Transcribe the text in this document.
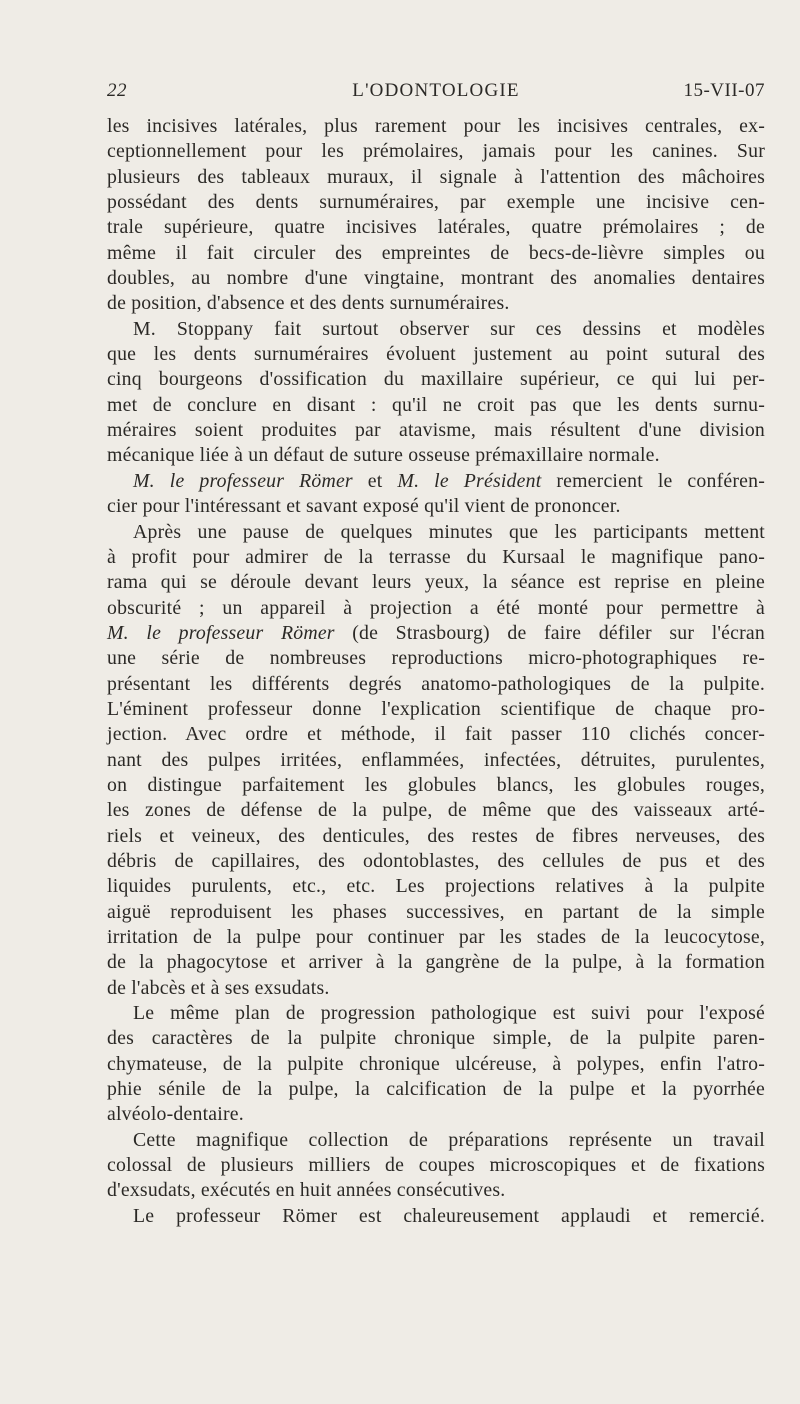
22	L'ODONTOLOGIE	15-VII-07
les incisives latérales, plus rarement pour les incisives centrales, ex-
ceptionnellement pour les prémolaires, jamais pour les canines. Sur
plusieurs des tableaux muraux, il signale à l'attention des mâchoires
possédant des dents surnuméraires, par exemple une incisive cen-
trale supérieure, quatre incisives latérales, quatre prémolaires ; de
même il fait circuler des empreintes de becs-de-lièvre simples ou
doubles, au nombre d'une vingtaine, montrant des anomalies dentaires
de position, d'absence et des dents surnuméraires.
M. Stoppany fait surtout observer sur ces dessins et modèles
que les dents surnuméraires évoluent justement au point sutural des
cinq bourgeons d'ossification du maxillaire supérieur, ce qui lui per-
met de conclure en disant : qu'il ne croit pas que les dents surnu-
méraires soient produites par atavisme, mais résultent d'une division
mécanique liée à un défaut de suture osseuse prémaxillaire normale.
M. le professeur Römer et M. le Président remercient le conféren-
cier pour l'intéressant et savant exposé qu'il vient de prononcer.
Après une pause de quelques minutes que les participants mettent
à profit pour admirer de la terrasse du Kursaal le magnifique pano-
rama qui se déroule devant leurs yeux, la séance est reprise en pleine
obscurité ; un appareil à projection a été monté pour permettre à
M. le professeur Römer (de Strasbourg) de faire défiler sur l'écran
une série de nombreuses reproductions micro-photographiques re-
présentant les différents degrés anatomo-pathologiques de la pulpite.
L'éminent professeur donne l'explication scientifique de chaque pro-
jection. Avec ordre et méthode, il fait passer 110 clichés concer-
nant des pulpes irritées, enflammées, infectées, détruites, purulentes,
on distingue parfaitement les globules blancs, les globules rouges,
les zones de défense de la pulpe, de même que des vaisseaux arté-
riels et veineux, des denticules, des restes de fibres nerveuses, des
débris de capillaires, des odontoblastes, des cellules de pus et des
liquides purulents, etc., etc. Les projections relatives à la pulpite
aiguë reproduisent les phases successives, en partant de la simple
irritation de la pulpe pour continuer par les stades de la leucocytose,
de la phagocytose et arriver à la gangrène de la pulpe, à la formation
de l'abcès et à ses exsudats.
Le même plan de progression pathologique est suivi pour l'exposé
des caractères de la pulpite chronique simple, de la pulpite paren-
chymateuse, de la pulpite chronique ulcéreuse, à polypes, enfin l'atro-
phie sénile de la pulpe, la calcification de la pulpe et la pyorrhée
alvéolo-dentaire.
Cette magnifique collection de préparations représente un travail
colossal de plusieurs milliers de coupes microscopiques et de fixations
d'exsudats, exécutés en huit années consécutives.
Le professeur Römer est chaleureusement applaudi et remercié.
